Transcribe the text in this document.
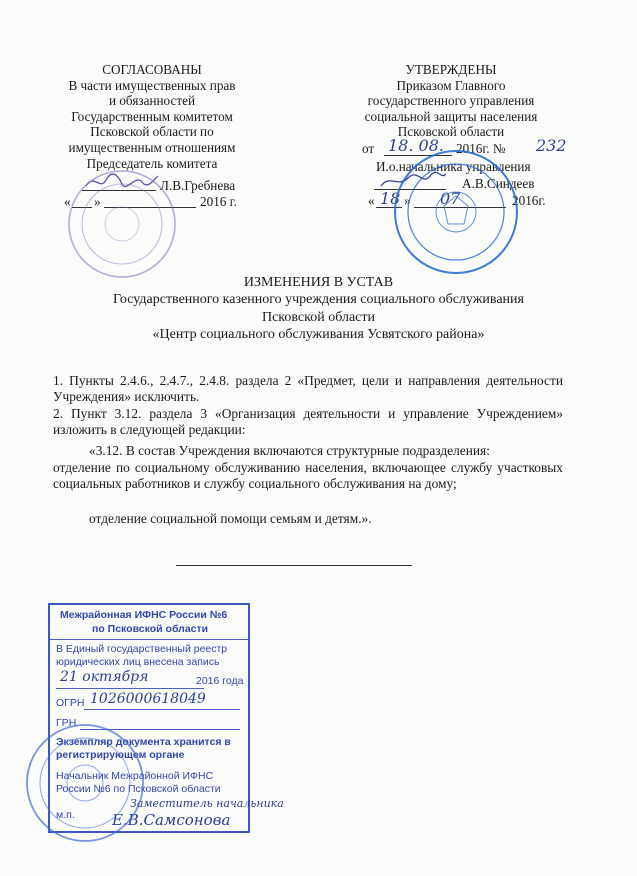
СОГЛАСОВАНЫ
В части имущественных прав
и обязанностей
Государственным комитетом
Псковской области по
имущественным отношениям
Председатель комитета
Л.В.Гребнева
« »	2016 г.
УТВЕРЖДЕНЫ
Приказом Главного
государственного управления
социальной защиты населения
Псковской области
от 18. 08. 2016г. № 232
И.о.начальника управления
А.В.Синдеев
« 18 » 07	2016г.
ИЗМЕНЕНИЯ В УСТАВ
Государственного казенного учреждения социального обслуживания
Псковской области
«Центр социального обслуживания Усвятского района»
1. Пункты 2.4.6., 2.4.7., 2.4.8. раздела 2 «Предмет, цели и направления деятельности Учреждения» исключить.
2. Пункт 3.12. раздела 3 «Организация деятельности и управление Учреждением» изложить в следующей редакции:
«3.12. В состав Учреждения включаются структурные подразделения:
отделение по социальному обслуживанию населения, включающее службу участковых социальных работников и службу социального обслуживания на дому;
отделение социальной помощи семьям и детям.».
Межрайонная ИФНС России №6
по Псковской области
В Единый государственный реестр
юридических лиц внесена запись
21 октября	2016 года
ОГРН 1026000618049
ГРН
Экземпляр документа хранится в
регистрирующем органе
Начальник Межрайонной ИФНС
России №6 по Псковской области
Заместитель начальника
м.п. Е.В.Самсонова
